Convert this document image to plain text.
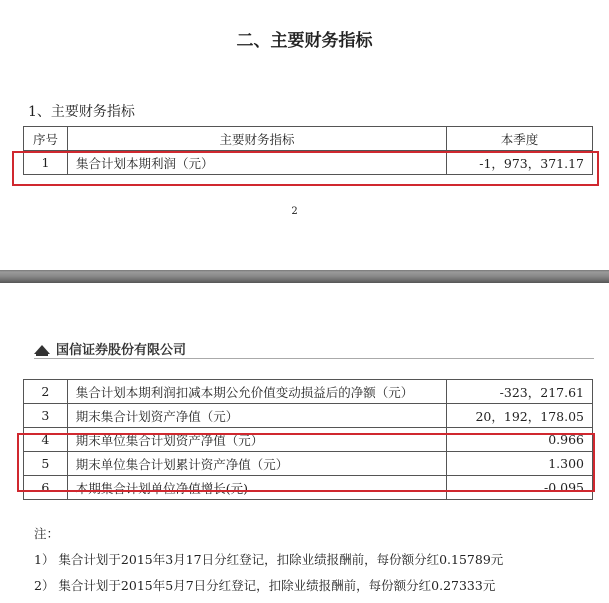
二、主要财务指标
1、主要财务指标
序号	主要财务指标	本季度
1	集合计划本期利润（元）	-1，973，371.17
2
国信证券股份有限公司
2	集合计划本期利润扣减本期公允价值变动损益后的净额（元）	-323，217.61
3	期末集合计划资产净值（元）	20，192，178.05
4	期末单位集合计划资产净值（元）	0.966
5	期末单位集合计划累计资产净值（元）	1.300
6	本期集合计划单位净值增长(元)	-0.095
注：
1） 集合计划于2015年3月17日分红登记，扣除业绩报酬前，每份额分红0.15789元
2） 集合计划于2015年5月7日分红登记，扣除业绩报酬前，每份额分红0.27333元
